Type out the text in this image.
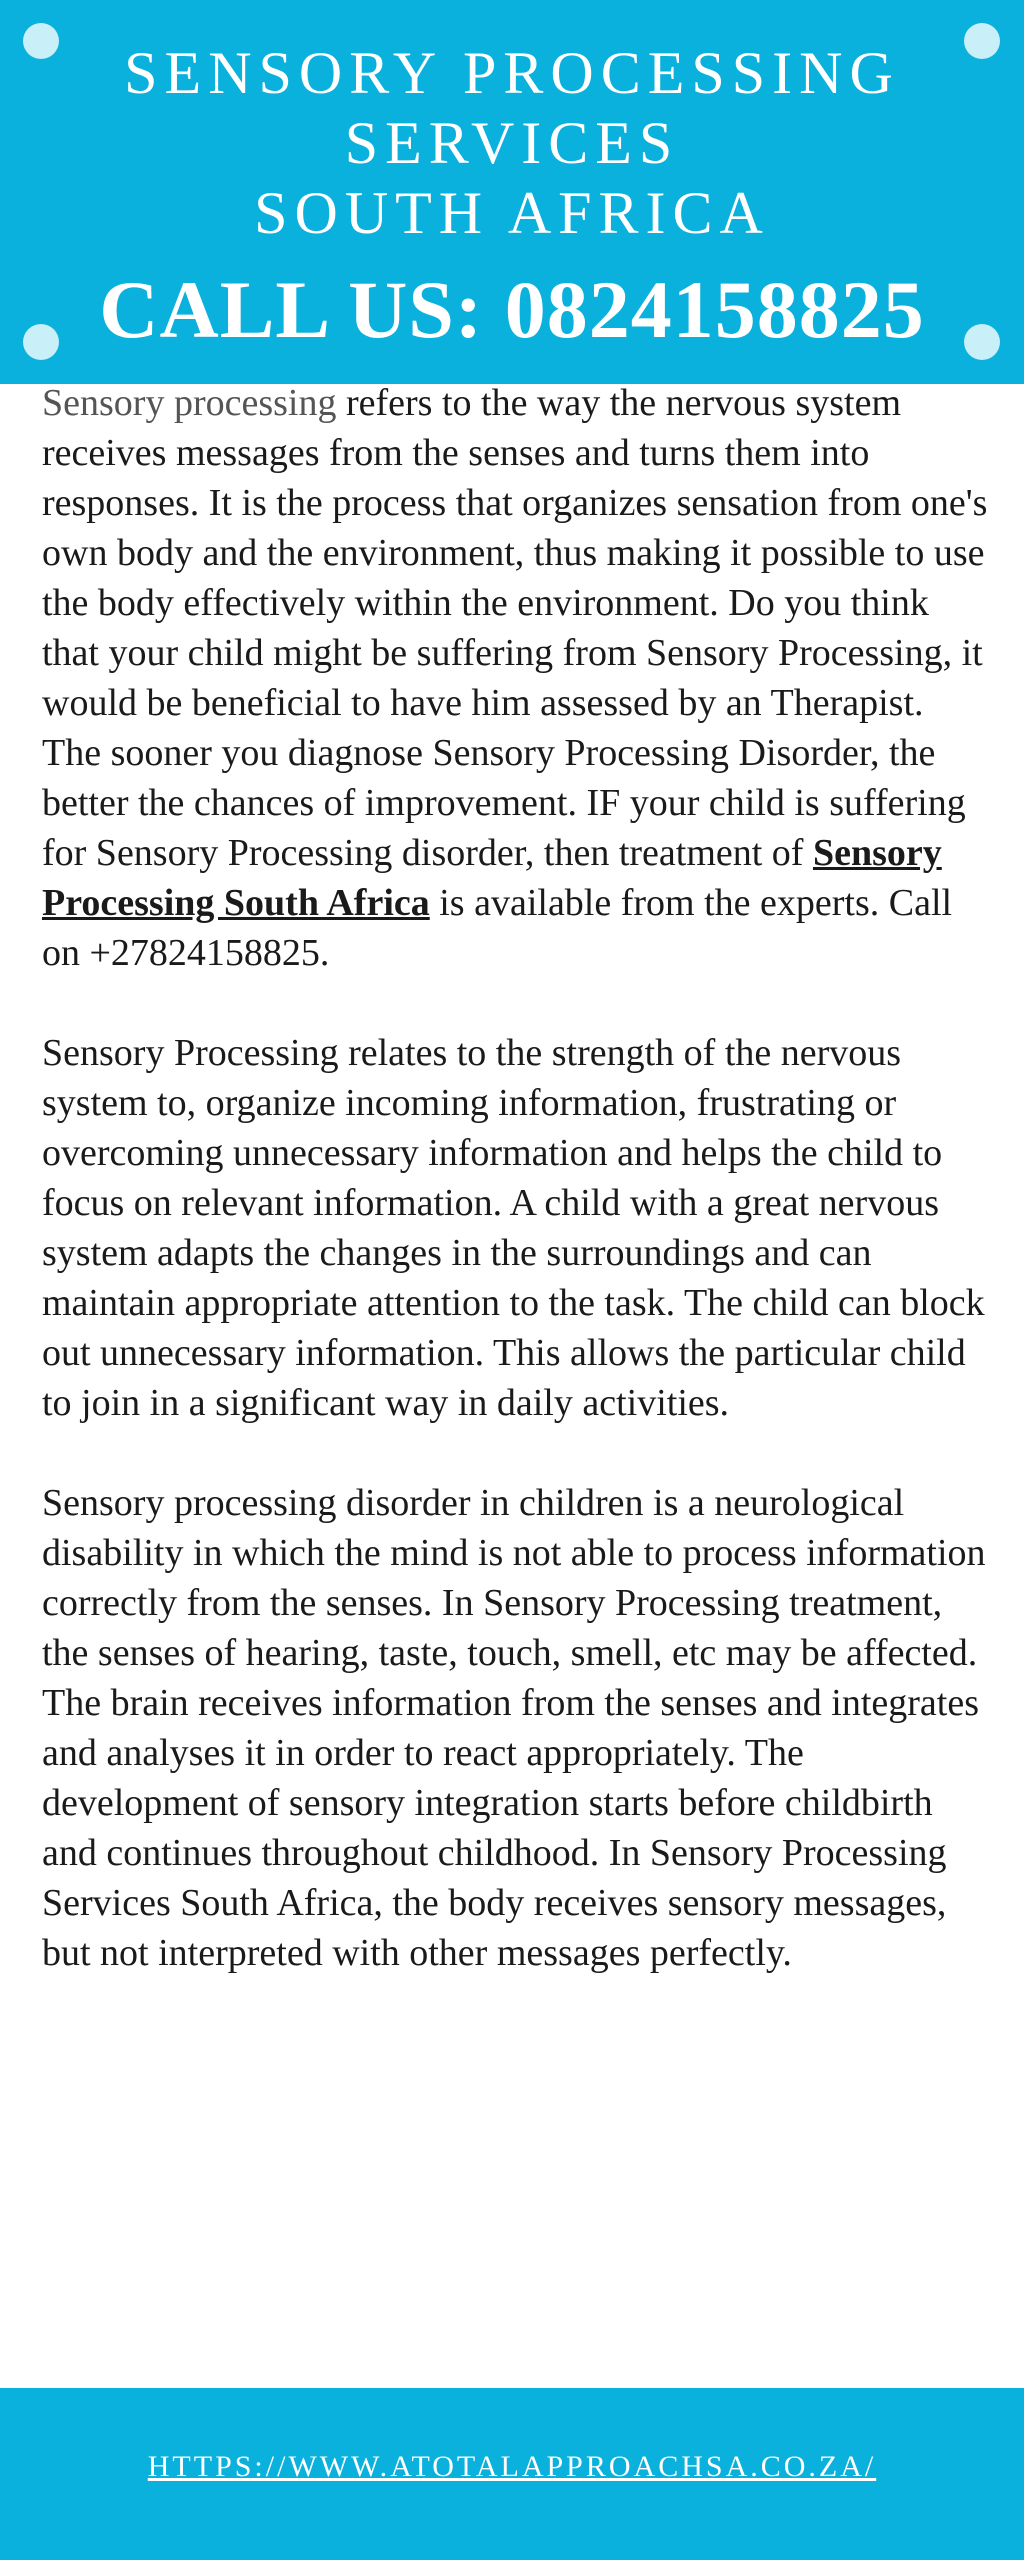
SENSORY PROCESSING
SERVICES
SOUTH AFRICA
CALL US: 0824158825

Sensory processing refers to the way the nervous system receives messages from the senses and turns them into responses. It is the process that organizes sensation from one's own body and the environment, thus making it possible to use the body effectively within the environment. Do you think that your child might be suffering from Sensory Processing, it would be beneficial to have him assessed by an Therapist. The sooner you diagnose Sensory Processing Disorder, the better the chances of improvement. IF your child is suffering for Sensory Processing disorder, then treatment of Sensory Processing South Africa is available from the experts. Call on +27824158825.

Sensory Processing relates to the strength of the nervous system to, organize incoming information, frustrating or overcoming unnecessary information and helps the child to focus on relevant information. A child with a great nervous system adapts the changes in the surroundings and can maintain appropriate attention to the task. The child can block out unnecessary information. This allows the particular child to join in a significant way in daily activities.

Sensory processing disorder in children is a neurological disability in which the mind is not able to process information correctly from the senses. In Sensory Processing treatment, the senses of hearing, taste, touch, smell, etc may be affected. The brain receives information from the senses and integrates and analyses it in order to react appropriately. The development of sensory integration starts before childbirth and continues throughout childhood. In Sensory Processing Services South Africa, the body receives sensory messages, but not interpreted with other messages perfectly.

HTTPS://WWW.ATOTALAPPROACHSA.CO.ZA/
